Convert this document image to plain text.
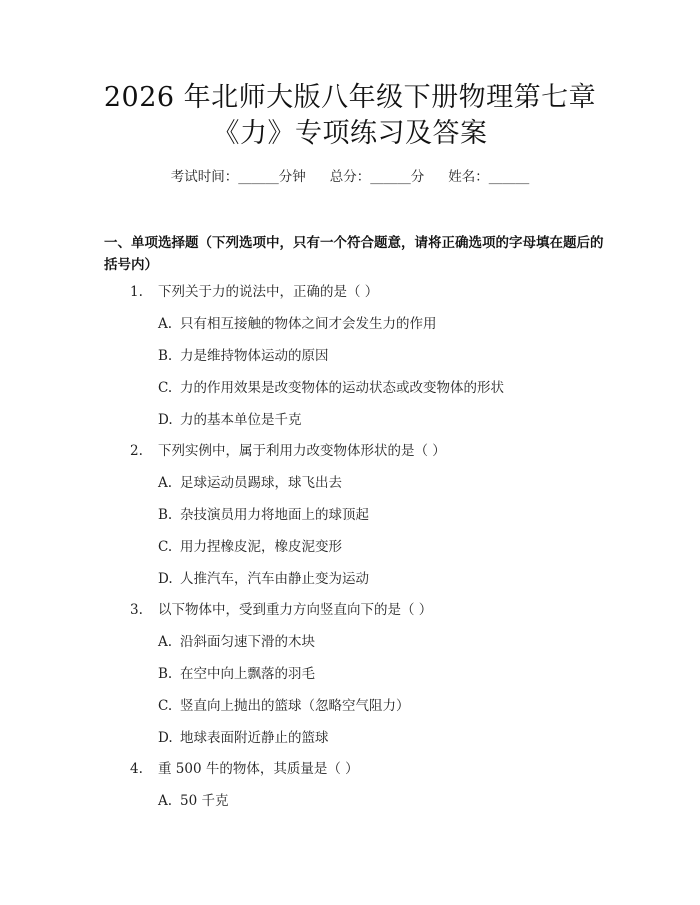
2026 年北师大版八年级下册物理第七章
《力》专项练习及答案
考试时间：______分钟 总分：______分 姓名：______
一、单项选择题（下列选项中，只有一个符合题意，请将正确选项的字母填在题后的括号内）
1. 下列关于力的说法中，正确的是（ ）
A. 只有相互接触的物体之间才会发生力的作用
B. 力是维持物体运动的原因
C. 力的作用效果是改变物体的运动状态或改变物体的形状
D. 力的基本单位是千克
2. 下列实例中，属于利用力改变物体形状的是（ ）
A. 足球运动员踢球，球飞出去
B. 杂技演员用力将地面上的球顶起
C. 用力捏橡皮泥，橡皮泥变形
D. 人推汽车，汽车由静止变为运动
3. 以下物体中，受到重力方向竖直向下的是（ ）
A. 沿斜面匀速下滑的木块
B. 在空中向上飘落的羽毛
C. 竖直向上抛出的篮球（忽略空气阻力）
D. 地球表面附近静止的篮球
4. 重 500 牛的物体，其质量是（ ）
A. 50 千克
